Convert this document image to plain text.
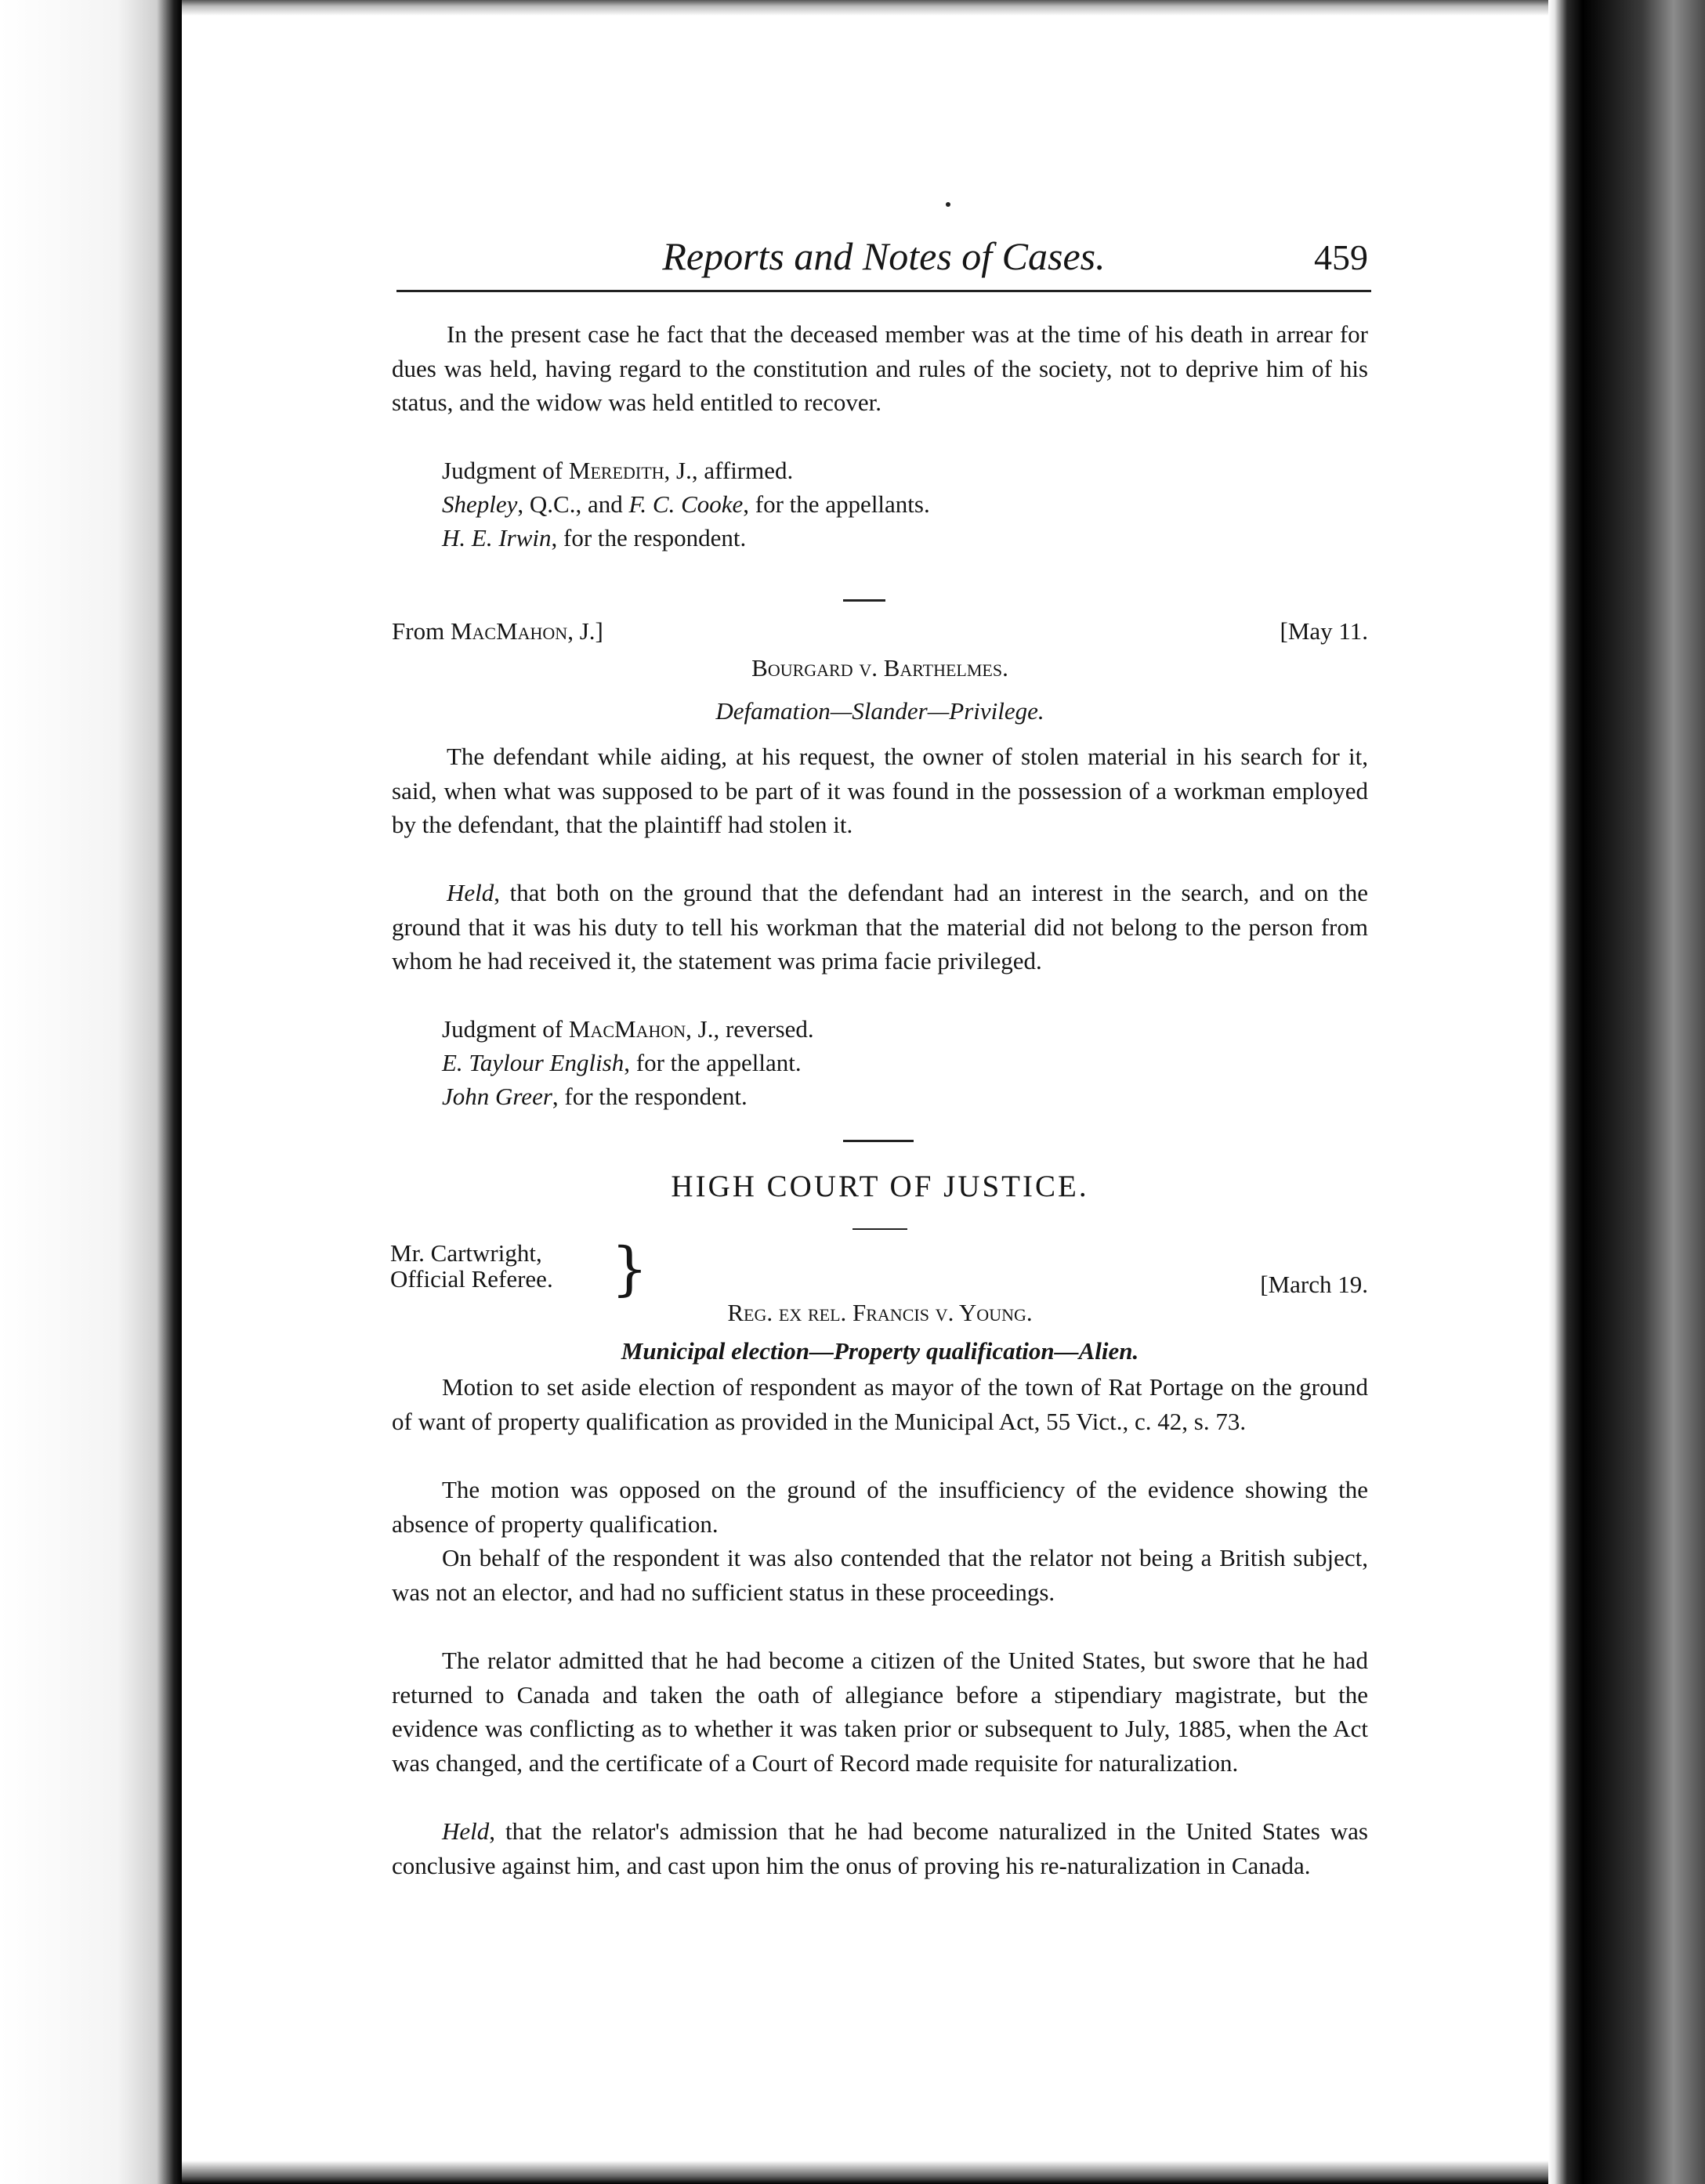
Reports and Notes of Cases.	459
In the present case he fact that the deceased member was at the time of his death in arrear for dues was held, having regard to the constitution and rules of the society, not to deprive him of his status, and the widow was held entitled to recover.
Judgment of Meredith, J., affirmed.
Shepley, Q.C., and F. C. Cooke, for the appellants.
H. E. Irwin, for the respondent.
From MacMahon, J.]	[May 11.
Bourgard v. Barthelmes.
Defamation—Slander—Privilege.
The defendant while aiding, at his request, the owner of stolen material in his search for it, said, when what was supposed to be part of it was found in the possession of a workman employed by the defendant, that the plaintiff had stolen it.
Held, that both on the ground that the defendant had an interest in the search, and on the ground that it was his duty to tell his workman that the material did not belong to the person from whom he had received it, the statement was prima facie privileged.
Judgment of MacMahon, J., reversed.
E. Taylour English, for the appellant.
John Greer, for the respondent.
HIGH COURT OF JUSTICE.
Mr. Cartwright,
Official Referee. }	[March 19.
Reg. ex rel. Francis v. Young.
Municipal election—Property qualification—Alien.
Motion to set aside election of respondent as mayor of the town of Rat Portage on the ground of want of property qualification as provided in the Municipal Act, 55 Vict., c. 42, s. 73.
The motion was opposed on the ground of the insufficiency of the evidence showing the absence of property qualification.
On behalf of the respondent it was also contended that the relator not being a British subject, was not an elector, and had no sufficient status in these proceedings.
The relator admitted that he had become a citizen of the United States, but swore that he had returned to Canada and taken the oath of allegiance before a stipendiary magistrate, but the evidence was conflicting as to whether it was taken prior or subsequent to July, 1885, when the Act was changed, and the certificate of a Court of Record made requisite for naturalization.
Held, that the relator's admission that he had become naturalized in the United States was conclusive against him, and cast upon him the onus of proving his re-naturalization in Canada.
